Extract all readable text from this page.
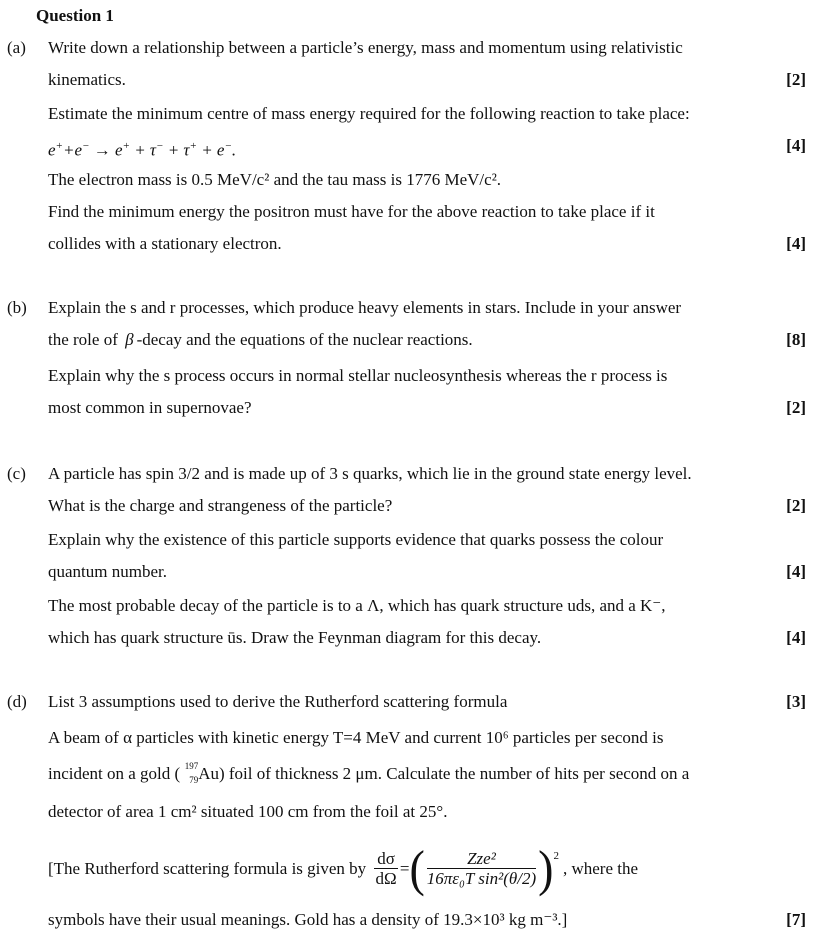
Question 1
(a) Write down a relationship between a particle’s energy, mass and momentum using relativistic
kinematics.	[2]
Estimate the minimum centre of mass energy required for the following reaction to take place:
e++e− → e+ + τ− + τ+ + e−.	[4]
The electron mass is 0.5 MeV/c² and the tau mass is 1776 MeV/c².
Find the minimum energy the positron must have for the above reaction to take place if it
collides with a stationary electron.	[4]
(b) Explain the s and r processes, which produce heavy elements in stars. Include in your answer
the role of β -decay and the equations of the nuclear reactions.	[8]
Explain why the s process occurs in normal stellar nucleosynthesis whereas the r process is
most common in supernovae?	[2]
(c) A particle has spin 3/2 and is made up of 3 s quarks, which lie in the ground state energy level.
What is the charge and strangeness of the particle?	[2]
Explain why the existence of this particle supports evidence that quarks possess the colour
quantum number.	[4]
The most probable decay of the particle is to a Λ, which has quark structure uds, and a K⁻,
which has quark structure ūs. Draw the Feynman diagram for this decay.	[4]
(d) List 3 assumptions used to derive the Rutherford scattering formula	[3]
A beam of α particles with kinetic energy T=4 MeV and current 10⁶ particles per second is
incident on a gold ( 197
79 Au) foil of thickness 2 μm. Calculate the number of hits per second on a
detector of area 1 cm² situated 100 cm from the foil at 25°.
[The Rutherford scattering formula is given by $\frac{d\sigma}{d\Omega}$ = ( $\frac{\text{Zze²}}{\text{16πε₀T sin²(θ/2)}}$ ) 2
, where the
symbols have their usual meanings. Gold has a density of 19.3×10³ kg m⁻³.]	[7]
